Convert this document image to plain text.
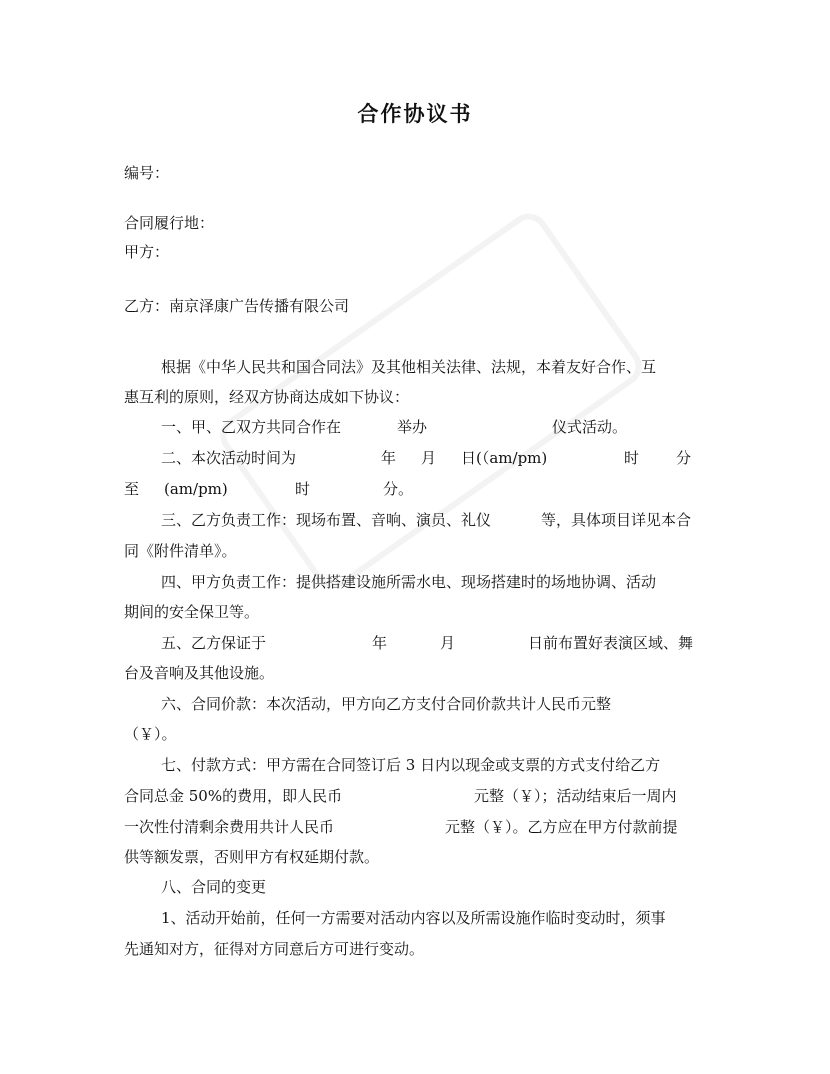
合作协议书
编号：
合同履行地：
甲方：
乙方：南京泽康广告传播有限公司
根据《中华人民共和国合同法》及其他相关法律、法规，本着友好合作、互
惠互利的原则，经双方协商达成如下协议：
一、甲、乙双方共同合作在	举办	仪式活动。
二、本次活动时间为	年 月 日(（am/pm)	时 分
至 (am/pm)	时	分。
三、乙方负责工作：现场布置、音响、演员、礼仪	等，具体项目详见本合
同《附件清单》。
四、甲方负责工作：提供搭建设施所需水电、现场搭建时的场地协调、活动
期间的安全保卫等。
五、乙方保证于	年	月	日前布置好表演区域、舞
台及音响及其他设施。
六、合同价款：本次活动，甲方向乙方支付合同价款共计人民币元整
（￥）。
七、付款方式：甲方需在合同签订后 3 日内以现金或支票的方式支付给乙方
合同总金 50%的费用，即人民币	元整（￥）；活动结束后一周内
一次性付清剩余费用共计人民币	元整（￥）。乙方应在甲方付款前提
供等额发票，否则甲方有权延期付款。
八、合同的变更
1、活动开始前，任何一方需要对活动内容以及所需设施作临时变动时，须事
先通知对方，征得对方同意后方可进行变动。
